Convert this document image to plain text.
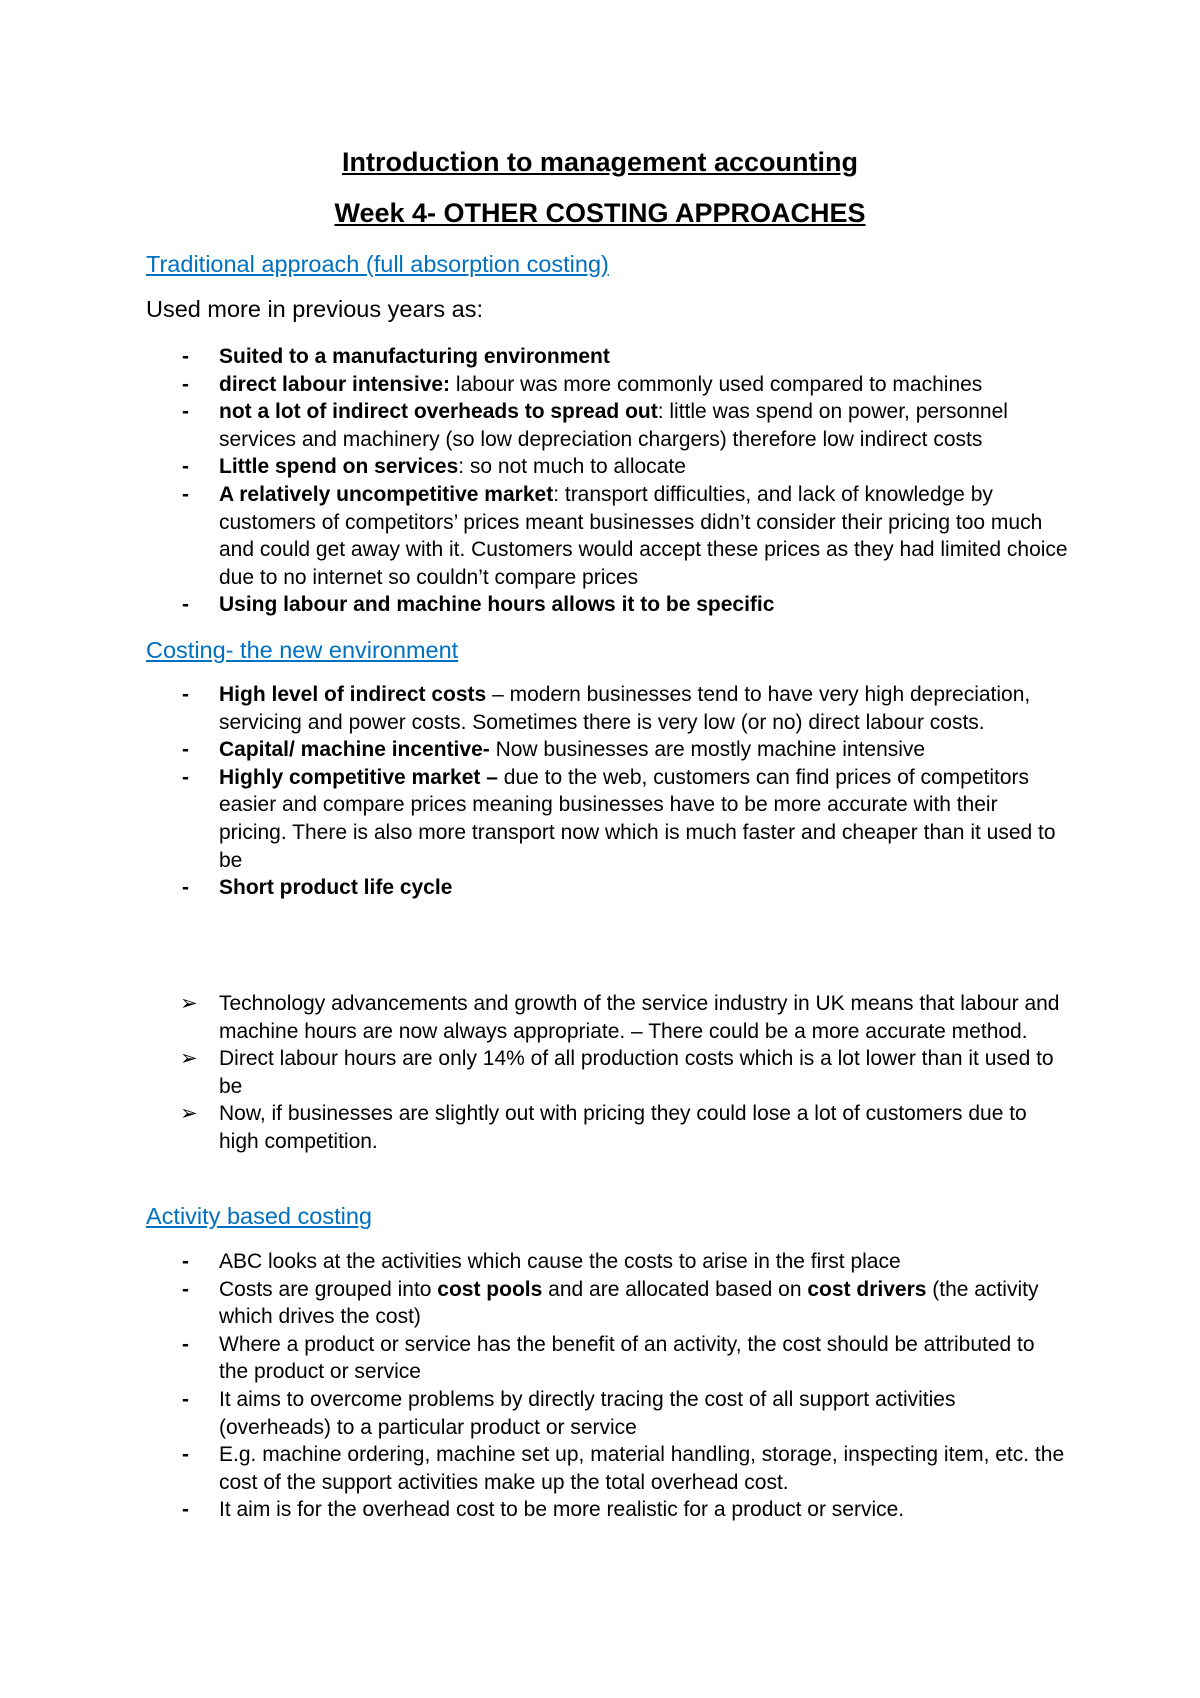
Introduction to management accounting
Week 4- OTHER COSTING APPROACHES
Traditional approach (full absorption costing)
Used more in previous years as:
- Suited to a manufacturing environment
- direct labour intensive: labour was more commonly used compared to machines
- not a lot of indirect overheads to spread out: little was spend on power, personnel services and machinery (so low depreciation chargers) therefore low indirect costs
- Little spend on services: so not much to allocate
- A relatively uncompetitive market: transport difficulties, and lack of knowledge by customers of competitors’ prices meant businesses didn’t consider their pricing too much and could get away with it. Customers would accept these prices as they had limited choice due to no internet so couldn’t compare prices
- Using labour and machine hours allows it to be specific
Costing- the new environment
- High level of indirect costs – modern businesses tend to have very high depreciation, servicing and power costs. Sometimes there is very low (or no) direct labour costs.
- Capital/ machine incentive- Now businesses are mostly machine intensive
- Highly competitive market – due to the web, customers can find prices of competitors easier and compare prices meaning businesses have to be more accurate with their pricing. There is also more transport now which is much faster and cheaper than it used to be
- Short product life cycle
➢ Technology advancements and growth of the service industry in UK means that labour and machine hours are now always appropriate. – There could be a more accurate method.
➢ Direct labour hours are only 14% of all production costs which is a lot lower than it used to be
➢ Now, if businesses are slightly out with pricing they could lose a lot of customers due to high competition.
Activity based costing
- ABC looks at the activities which cause the costs to arise in the first place
- Costs are grouped into cost pools and are allocated based on cost drivers (the activity which drives the cost)
- Where a product or service has the benefit of an activity, the cost should be attributed to the product or service
- It aims to overcome problems by directly tracing the cost of all support activities (overheads) to a particular product or service
- E.g. machine ordering, machine set up, material handling, storage, inspecting item, etc. the cost of the support activities make up the total overhead cost.
- It aim is for the overhead cost to be more realistic for a product or service.
